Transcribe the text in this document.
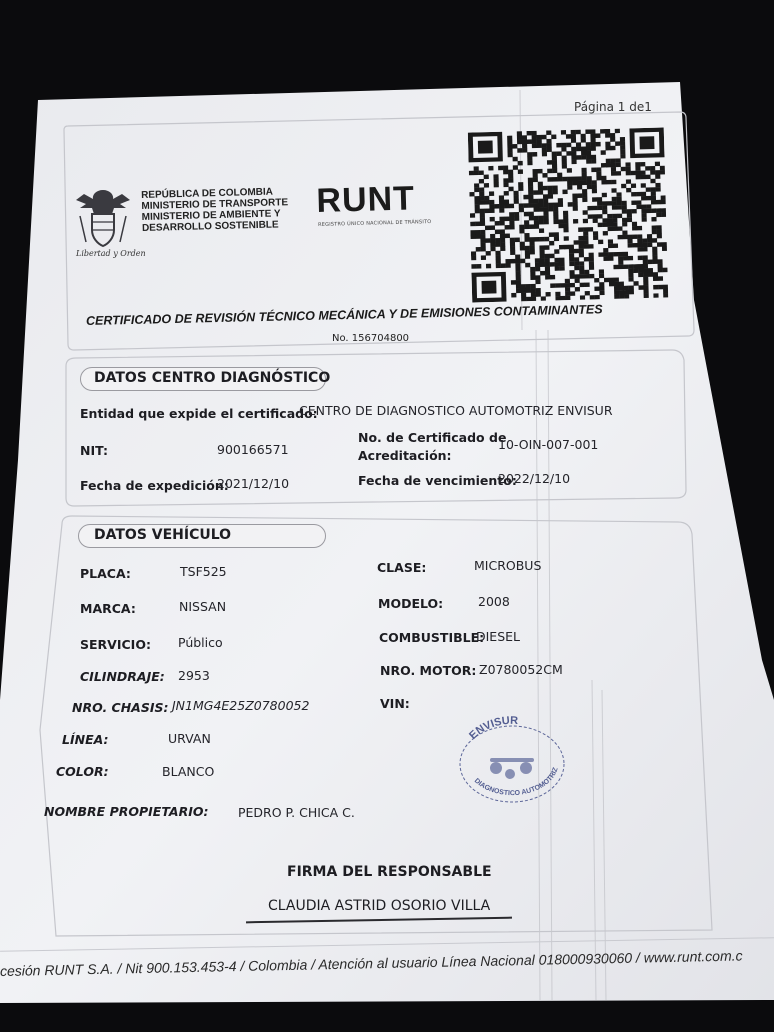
Página 1 de1
Libertad y Orden
REPÚBLICA DE COLOMBIA
MINISTERIO DE TRANSPORTE
MINISTERIO DE AMBIENTE Y
DESARROLLO SOSTENIBLE
RUNT
REGISTRO ÚNICO NACIONAL DE TRÁNSITO
CERTIFICADO DE REVISIÓN TÉCNICO MECÁNICA Y DE EMISIONES CONTAMINANTES
No. 156704800
DATOS CENTRO DIAGNÓSTICO
Entidad que expide el certificado:
CENTRO DE DIAGNOSTICO AUTOMOTRIZ ENVISUR
NIT:	900166571
No. de Certificado de
Acreditación:
10-OIN-007-001
Fecha de expedición:
2021/12/10	Fecha de vencimiento:
2022/12/10
DATOS VEHÍCULO
PLACA:	TSF525	CLASE:	MICROBUS
MARCA:	NISSAN	MODELO:	2008
SERVICIO: Público	COMBUSTIBLE:
DIESEL
CILINDRAJE: 2953	NRO. MOTOR: Z0780052CM
NRO. CHASIS: JN1MG4E25Z0780052	VIN:
LÍNEA:	URVAN
COLOR:	BLANCO
NOMBRE PROPIETARIO: PEDRO P. CHICA C.
ENVISUR
DIAGNOSTICO AUTOMOTRIZ
FIRMA DEL RESPONSABLE
CLAUDIA ASTRID OSORIO VILLA
cesión RUNT S.A. / Nit 900.153.453-4 / Colombia / Atención al usuario Línea Nacional 018000930060 / www.runt.com.c
